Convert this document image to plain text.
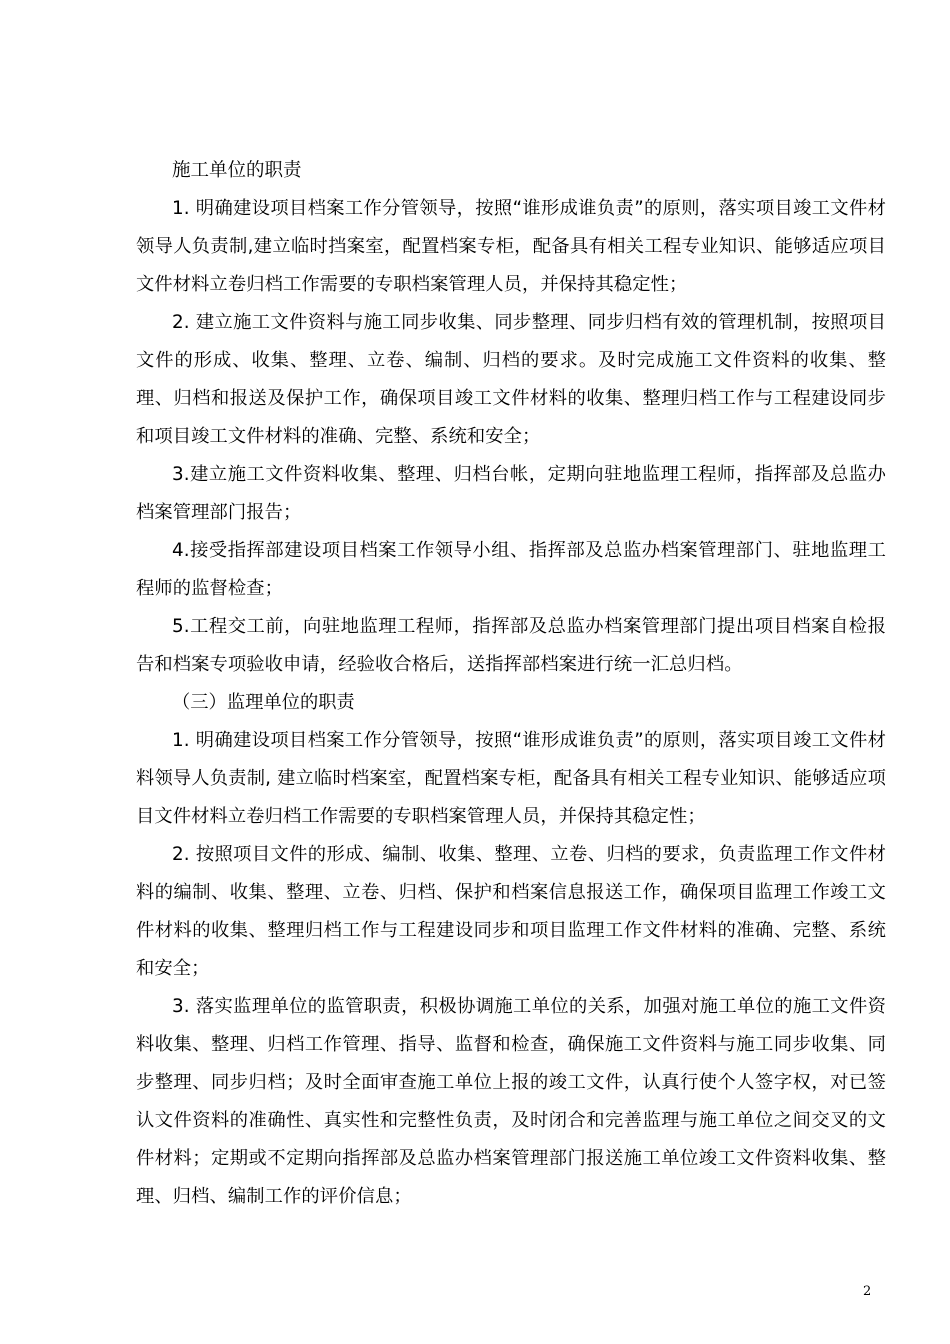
施工单位的职责

1. 明确建设项目档案工作分管领导，按照“谁形成谁负责”的原则，落实项目竣工文件材领导人负责制,建立临时挡案室，配置档案专柜，配备具有相关工程专业知识、能够适应项目文件材料立卷归档工作需要的专职档案管理人员，并保持其稳定性；

2. 建立施工文件资料与施工同步收集、同步整理、同步归档有效的管理机制，按照项目文件的形成、收集、整理、立卷、编制、归档的要求。及时完成施工文件资料的收集、整理、归档和报送及保护工作，确保项目竣工文件材料的收集、整理归档工作与工程建设同步和项目竣工文件材料的准确、完整、系统和安全；

3.建立施工文件资料收集、整理、归档台帐，定期向驻地监理工程师，指挥部及总监办档案管理部门报告；

4.接受指挥部建设项目档案工作领导小组、指挥部及总监办档案管理部门、驻地监理工程师的监督检查；

5.工程交工前，向驻地监理工程师，指挥部及总监办档案管理部门提出项目档案自检报告和档案专项验收申请，经验收合格后，送指挥部档案进行统一汇总归档。

（三）监理单位的职责

1. 明确建设项目档案工作分管领导，按照“谁形成谁负责”的原则，落实项目竣工文件材料领导人负责制, 建立临时档案室，配置档案专柜，配备具有相关工程专业知识、能够适应项目文件材料立卷归档工作需要的专职档案管理人员，并保持其稳定性；

2. 按照项目文件的形成、编制、收集、整理、立卷、归档的要求，负责监理工作文件材料的编制、收集、整理、立卷、归档、保护和档案信息报送工作，确保项目监理工作竣工文件材料的收集、整理归档工作与工程建设同步和项目监理工作文件材料的准确、完整、系统和安全；

3. 落实监理单位的监管职责，积极协调施工单位的关系，加强对施工单位的施工文件资料收集、整理、归档工作管理、指导、监督和检查，确保施工文件资料与施工同步收集、同步整理、同步归档；及时全面审查施工单位上报的竣工文件，认真行使个人签字权，对已签认文件资料的准确性、真实性和完整性负责，及时闭合和完善监理与施工单位之间交叉的文件材料；定期或不定期向指挥部及总监办档案管理部门报送施工单位竣工文件资料收集、整理、归档、编制工作的评价信息；

2
